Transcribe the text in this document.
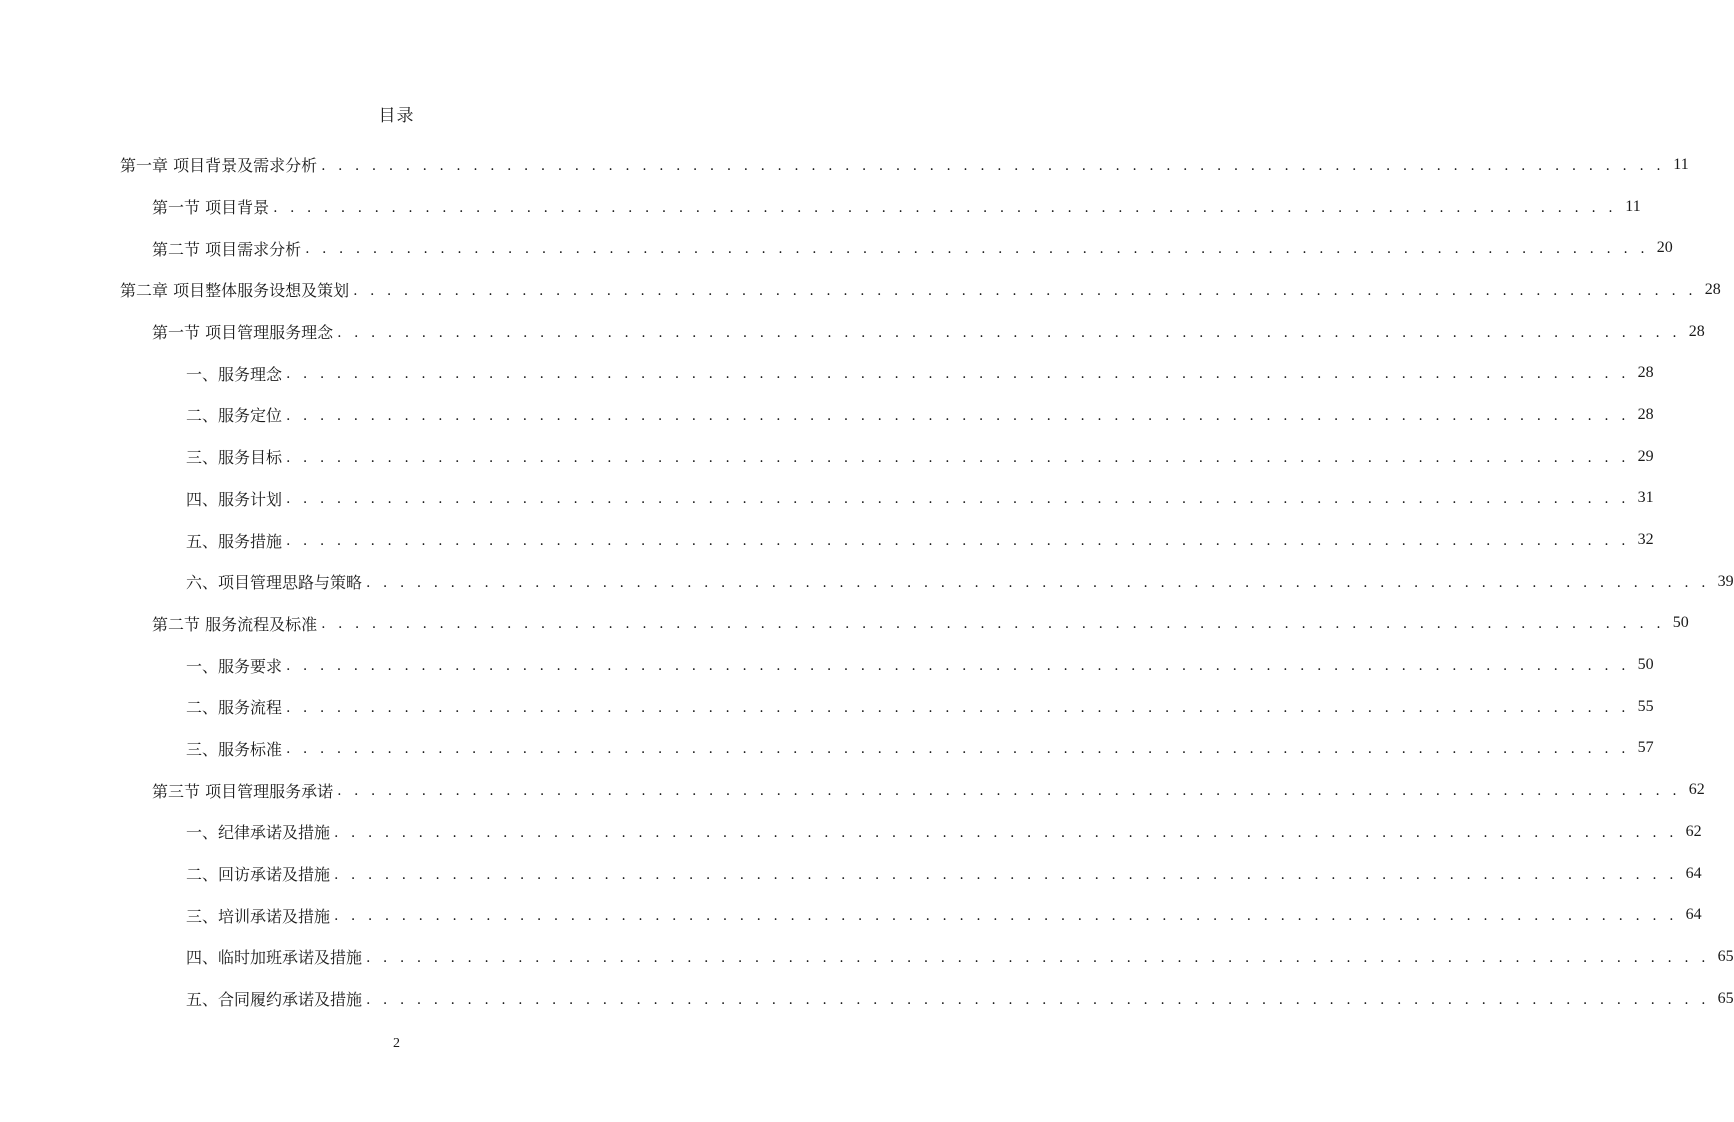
目录
第一章 项目背景及需求分析 . . . . . . . . . . . . . . . . . . . . . . . . . . . . . . . . . . . . . . . . . . . . . . . . . . . . . . . . . . . . . . . . . . . . . . . . . . . . . . . . 11
第一节 项目背景 . . . . . . . . . . . . . . . . . . . . . . . . . . . . . . . . . . . . . . . . . . . . . . . . . . . . . . . . . . . . . . . . . . . . . . . . . . . . . . . . 11
第二节 项目需求分析 . . . . . . . . . . . . . . . . . . . . . . . . . . . . . . . . . . . . . . . . . . . . . . . . . . . . . . . . . . . . . . . . . . . . . . . . . . . . . . . . 20
第二章 项目整体服务设想及策划 . . . . . . . . . . . . . . . . . . . . . . . . . . . . . . . . . . . . . . . . . . . . . . . . . . . . . . . . . . . . . . . . . . . . . . . . . . . . . . . . 28
第一节 项目管理服务理念 . . . . . . . . . . . . . . . . . . . . . . . . . . . . . . . . . . . . . . . . . . . . . . . . . . . . . . . . . . . . . . . . . . . . . . . . . . . . . . . . 28
一、服务理念 . . . . . . . . . . . . . . . . . . . . . . . . . . . . . . . . . . . . . . . . . . . . . . . . . . . . . . . . . . . . . . . . . . . . . . . . . . . . . . . . 28
二、服务定位 . . . . . . . . . . . . . . . . . . . . . . . . . . . . . . . . . . . . . . . . . . . . . . . . . . . . . . . . . . . . . . . . . . . . . . . . . . . . . . . . 28
三、服务目标 . . . . . . . . . . . . . . . . . . . . . . . . . . . . . . . . . . . . . . . . . . . . . . . . . . . . . . . . . . . . . . . . . . . . . . . . . . . . . . . . 29
四、服务计划 . . . . . . . . . . . . . . . . . . . . . . . . . . . . . . . . . . . . . . . . . . . . . . . . . . . . . . . . . . . . . . . . . . . . . . . . . . . . . . . . 31
五、服务措施 . . . . . . . . . . . . . . . . . . . . . . . . . . . . . . . . . . . . . . . . . . . . . . . . . . . . . . . . . . . . . . . . . . . . . . . . . . . . . . . . 32
六、项目管理思路与策略 . . . . . . . . . . . . . . . . . . . . . . . . . . . . . . . . . . . . . . . . . . . . . . . . . . . . . . . . . . . . . . . . . . . . . . . . . . . . . . . . 39
第二节 服务流程及标准 . . . . . . . . . . . . . . . . . . . . . . . . . . . . . . . . . . . . . . . . . . . . . . . . . . . . . . . . . . . . . . . . . . . . . . . . . . . . . . . . 50
一、服务要求 . . . . . . . . . . . . . . . . . . . . . . . . . . . . . . . . . . . . . . . . . . . . . . . . . . . . . . . . . . . . . . . . . . . . . . . . . . . . . . . . 50
二、服务流程 . . . . . . . . . . . . . . . . . . . . . . . . . . . . . . . . . . . . . . . . . . . . . . . . . . . . . . . . . . . . . . . . . . . . . . . . . . . . . . . . 55
三、服务标准 . . . . . . . . . . . . . . . . . . . . . . . . . . . . . . . . . . . . . . . . . . . . . . . . . . . . . . . . . . . . . . . . . . . . . . . . . . . . . . . . 57
第三节 项目管理服务承诺 . . . . . . . . . . . . . . . . . . . . . . . . . . . . . . . . . . . . . . . . . . . . . . . . . . . . . . . . . . . . . . . . . . . . . . . . . . . . . . . . 62
一、纪律承诺及措施 . . . . . . . . . . . . . . . . . . . . . . . . . . . . . . . . . . . . . . . . . . . . . . . . . . . . . . . . . . . . . . . . . . . . . . . . . . . . . . . . 62
二、回访承诺及措施 . . . . . . . . . . . . . . . . . . . . . . . . . . . . . . . . . . . . . . . . . . . . . . . . . . . . . . . . . . . . . . . . . . . . . . . . . . . . . . . . 64
三、培训承诺及措施 . . . . . . . . . . . . . . . . . . . . . . . . . . . . . . . . . . . . . . . . . . . . . . . . . . . . . . . . . . . . . . . . . . . . . . . . . . . . . . . . 64
四、临时加班承诺及措施 . . . . . . . . . . . . . . . . . . . . . . . . . . . . . . . . . . . . . . . . . . . . . . . . . . . . . . . . . . . . . . . . . . . . . . . . . . . . . . . . 65
五、合同履约承诺及措施 . . . . . . . . . . . . . . . . . . . . . . . . . . . . . . . . . . . . . . . . . . . . . . . . . . . . . . . . . . . . . . . . . . . . . . . . . . . . . . . . 65
2
